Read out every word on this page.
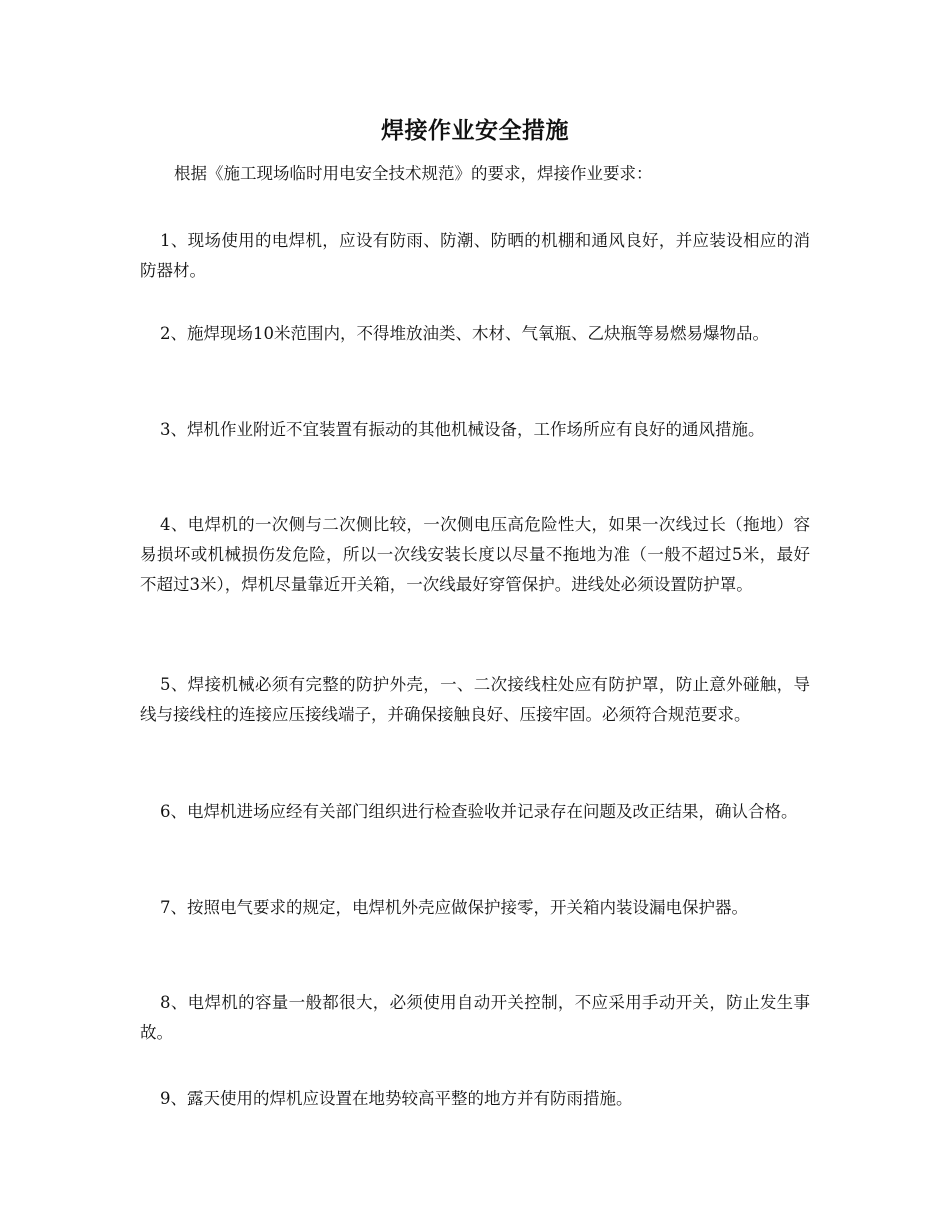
焊接作业安全措施

根据《施工现场临时用电安全技术规范》的要求，焊接作业要求：

1、现场使用的电焊机，应设有防雨、防潮、防晒的机棚和通风良好，并应装设相应的消防器材。

2、施焊现场10米范围内，不得堆放油类、木材、气氧瓶、乙炔瓶等易燃易爆物品。

3、焊机作业附近不宜装置有振动的其他机械设备，工作场所应有良好的通风措施。

4、电焊机的一次侧与二次侧比较，一次侧电压高危险性大，如果一次线过长（拖地）容易损坏或机械损伤发危险，所以一次线安装长度以尽量不拖地为准（一般不超过5米，最好不超过3米），焊机尽量靠近开关箱，一次线最好穿管保护。进线处必须设置防护罩。

5、焊接机械必须有完整的防护外壳，一、二次接线柱处应有防护罩，防止意外碰触，导线与接线柱的连接应压接线端子，并确保接触良好、压接牢固。必须符合规范要求。

6、电焊机进场应经有关部门组织进行检查验收并记录存在问题及改正结果，确认合格。

7、按照电气要求的规定，电焊机外壳应做保护接零，开关箱内装设漏电保护器。

8、电焊机的容量一般都很大，必须使用自动开关控制，不应采用手动开关，防止发生事故。

9、露天使用的焊机应设置在地势较高平整的地方并有防雨措施。
